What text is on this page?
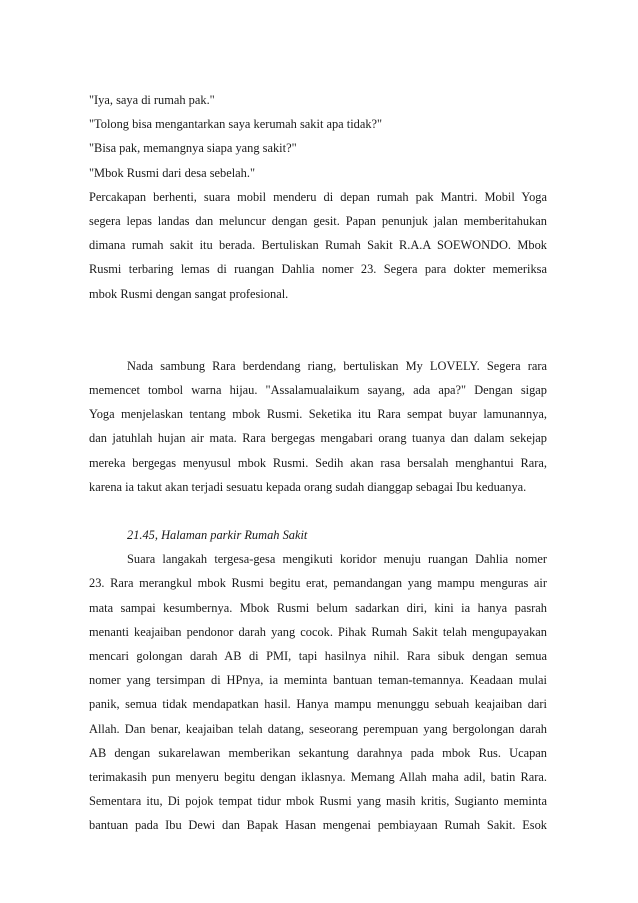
"Iya, saya di rumah pak."
"Tolong bisa mengantarkan saya kerumah sakit apa tidak?"
"Bisa pak, memangnya siapa yang sakit?"
"Mbok Rusmi dari desa sebelah."
Percakapan berhenti, suara mobil menderu di depan rumah pak Mantri. Mobil Yoga
segera lepas landas dan meluncur dengan gesit. Papan penunjuk jalan memberitahukan
dimana rumah sakit itu berada. Bertuliskan Rumah Sakit R.A.A SOEWONDO. Mbok
Rusmi terbaring lemas di ruangan Dahlia nomer 23. Segera para dokter memeriksa
mbok Rusmi dengan sangat profesional.
Nada sambung Rara berdendang riang, bertuliskan My LOVELY. Segera rara
memencet tombol warna hijau. "Assalamualaikum sayang, ada apa?" Dengan sigap
Yoga menjelaskan tentang mbok Rusmi. Seketika itu Rara sempat buyar lamunannya,
dan jatuhlah hujan air mata. Rara bergegas mengabari orang tuanya dan dalam sekejap
mereka bergegas menyusul mbok Rusmi. Sedih akan rasa bersalah menghantui Rara,
karena ia takut akan terjadi sesuatu kepada orang sudah dianggap sebagai Ibu keduanya.
21.45, Halaman parkir Rumah Sakit
Suara langakah tergesa-gesa mengikuti koridor menuju ruangan Dahlia nomer
23. Rara merangkul mbok Rusmi begitu erat, pemandangan yang mampu menguras air
mata sampai kesumbernya. Mbok Rusmi belum sadarkan diri, kini ia hanya pasrah
menanti keajaiban pendonor darah yang cocok. Pihak Rumah Sakit telah mengupayakan
mencari golongan darah AB di PMI, tapi hasilnya nihil. Rara sibuk dengan semua
nomer yang tersimpan di HPnya, ia meminta bantuan teman-temannya. Keadaan mulai
panik, semua tidak mendapatkan hasil. Hanya mampu menunggu sebuah keajaiban dari
Allah. Dan benar, keajaiban telah datang, seseorang perempuan yang bergolongan darah
AB dengan sukarelawan memberikan sekantung darahnya pada mbok Rus. Ucapan
terimakasih pun menyeru begitu dengan iklasnya. Memang Allah maha adil, batin Rara.
Sementara itu, Di pojok tempat tidur mbok Rusmi yang masih kritis, Sugianto meminta
bantuan pada Ibu Dewi dan Bapak Hasan mengenai pembiayaan Rumah Sakit. Esok
